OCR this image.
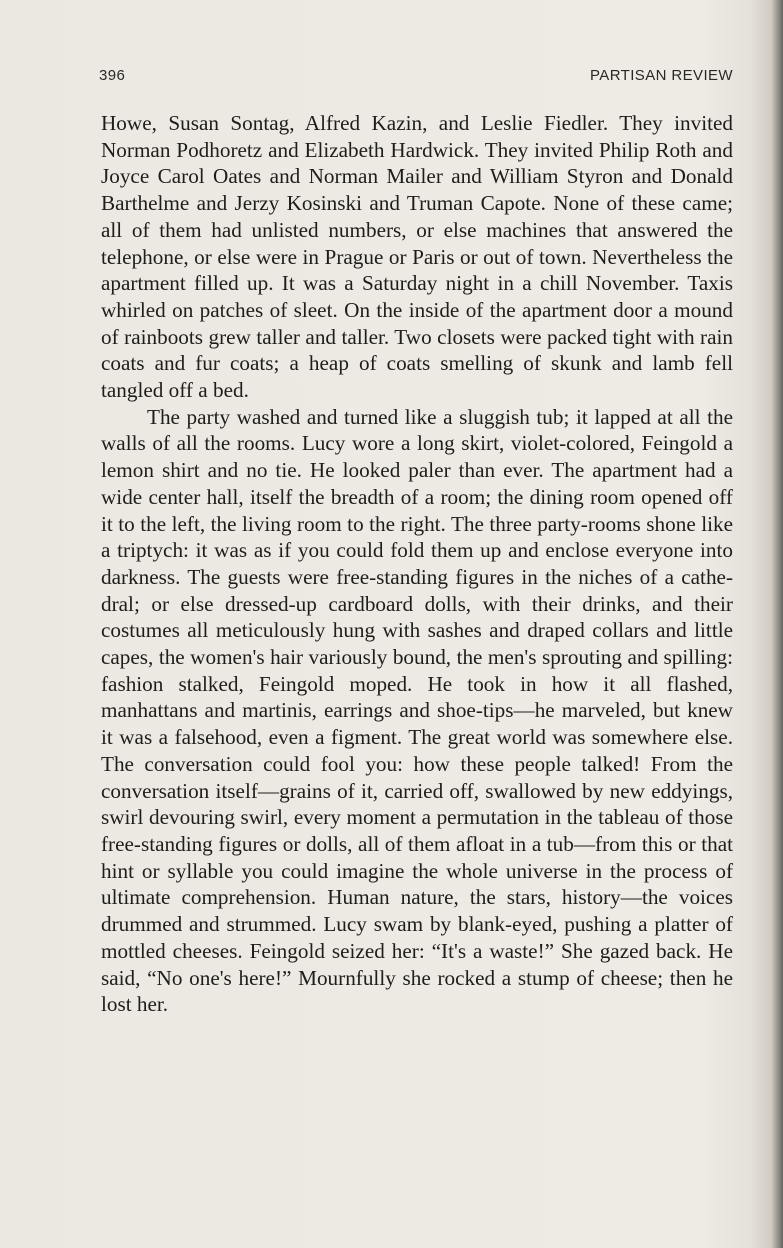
396	PARTISAN REVIEW

Howe, Susan Sontag, Alfred Kazin, and Leslie Fiedler. They invited Norman Podhoretz and Elizabeth Hardwick. They invited Philip Roth and Joyce Carol Oates and Norman Mailer and William Styron and Donald Barthelme and Jerzy Kosinski and Truman Capote. None of these came; all of them had unlisted numbers, or else machines that answered the telephone, or else were in Prague or Paris or out of town. Nevertheless the apartment filled up. It was a Saturday night in a chill November. Taxis whirled on patches of sleet. On the inside of the apartment door a mound of rainboots grew taller and taller. Two closets were packed tight with rain coats and fur coats; a heap of coats smelling of skunk and lamb fell tangled off a bed.

The party washed and turned like a sluggish tub; it lapped at all the walls of all the rooms. Lucy wore a long skirt, violet-colored, Feingold a lemon shirt and no tie. He looked paler than ever. The apartment had a wide center hall, itself the breadth of a room; the dining room opened off it to the left, the living room to the right. The three party-rooms shone like a triptych: it was as if you could fold them up and enclose everyone into darkness. The guests were free-standing figures in the niches of a cathedral; or else dressed-up cardboard dolls, with their drinks, and their costumes all meticulously hung with sashes and draped collars and little capes, the women's hair variously bound, the men's sprouting and spilling: fashion stalked, Feingold moped. He took in how it all flashed, manhattans and martinis, earrings and shoe-tips—he marveled, but knew it was a falsehood, even a figment. The great world was somewhere else. The conversation could fool you: how these people talked! From the conversation itself—grains of it, carried off, swallowed by new eddyings, swirl devouring swirl, every moment a permutation in the tableau of those free-standing figures or dolls, all of them afloat in a tub—from this or that hint or syllable you could imagine the whole universe in the process of ultimate comprehension. Human nature, the stars, history—the voices drummed and strummed. Lucy swam by blank-eyed, pushing a platter of mottled cheeses. Feingold seized her: “It's a waste!” She gazed back. He said, “No one's here!” Mournfully she rocked a stump of cheese; then he lost her.
